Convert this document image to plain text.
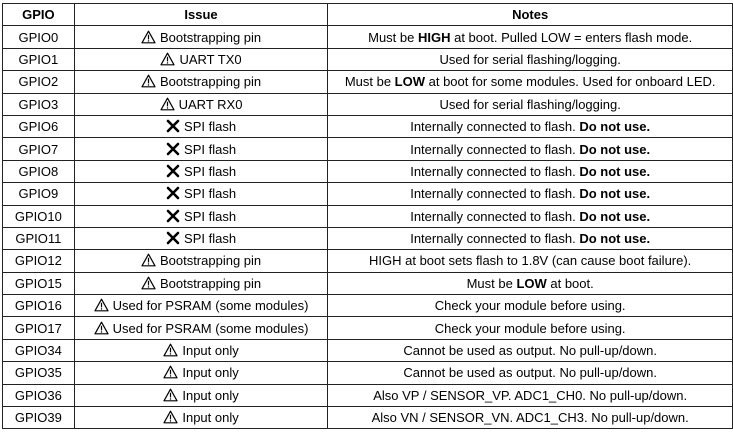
GPIO	Issue	Notes
GPIO0	Bootstrapping pin	Must be HIGH at boot. Pulled LOW = enters flash mode.
GPIO1	UART TX0	Used for serial flashing/logging.
GPIO2	Bootstrapping pin	Must be LOW at boot for some modules. Used for onboard LED.
GPIO3	UART RX0	Used for serial flashing/logging.
GPIO6	SPI flash	Internally connected to flash. Do not use.
GPIO7	SPI flash	Internally connected to flash. Do not use.
GPIO8	SPI flash	Internally connected to flash. Do not use.
GPIO9	SPI flash	Internally connected to flash. Do not use.
GPIO10	SPI flash	Internally connected to flash. Do not use.
GPIO11	SPI flash	Internally connected to flash. Do not use.
GPIO12	Bootstrapping pin	HIGH at boot sets flash to 1.8V (can cause boot failure).
GPIO15	Bootstrapping pin	Must be LOW at boot.
GPIO16	Used for PSRAM (some modules)	Check your module before using.
GPIO17	Used for PSRAM (some modules)	Check your module before using.
GPIO34	Input only	Cannot be used as output. No pull-up/down.
GPIO35	Input only	Cannot be used as output. No pull-up/down.
GPIO36	Input only	Also VP / SENSOR_VP. ADC1_CH0. No pull-up/down.
GPIO39	Input only	Also VN / SENSOR_VN. ADC1_CH3. No pull-up/down.
